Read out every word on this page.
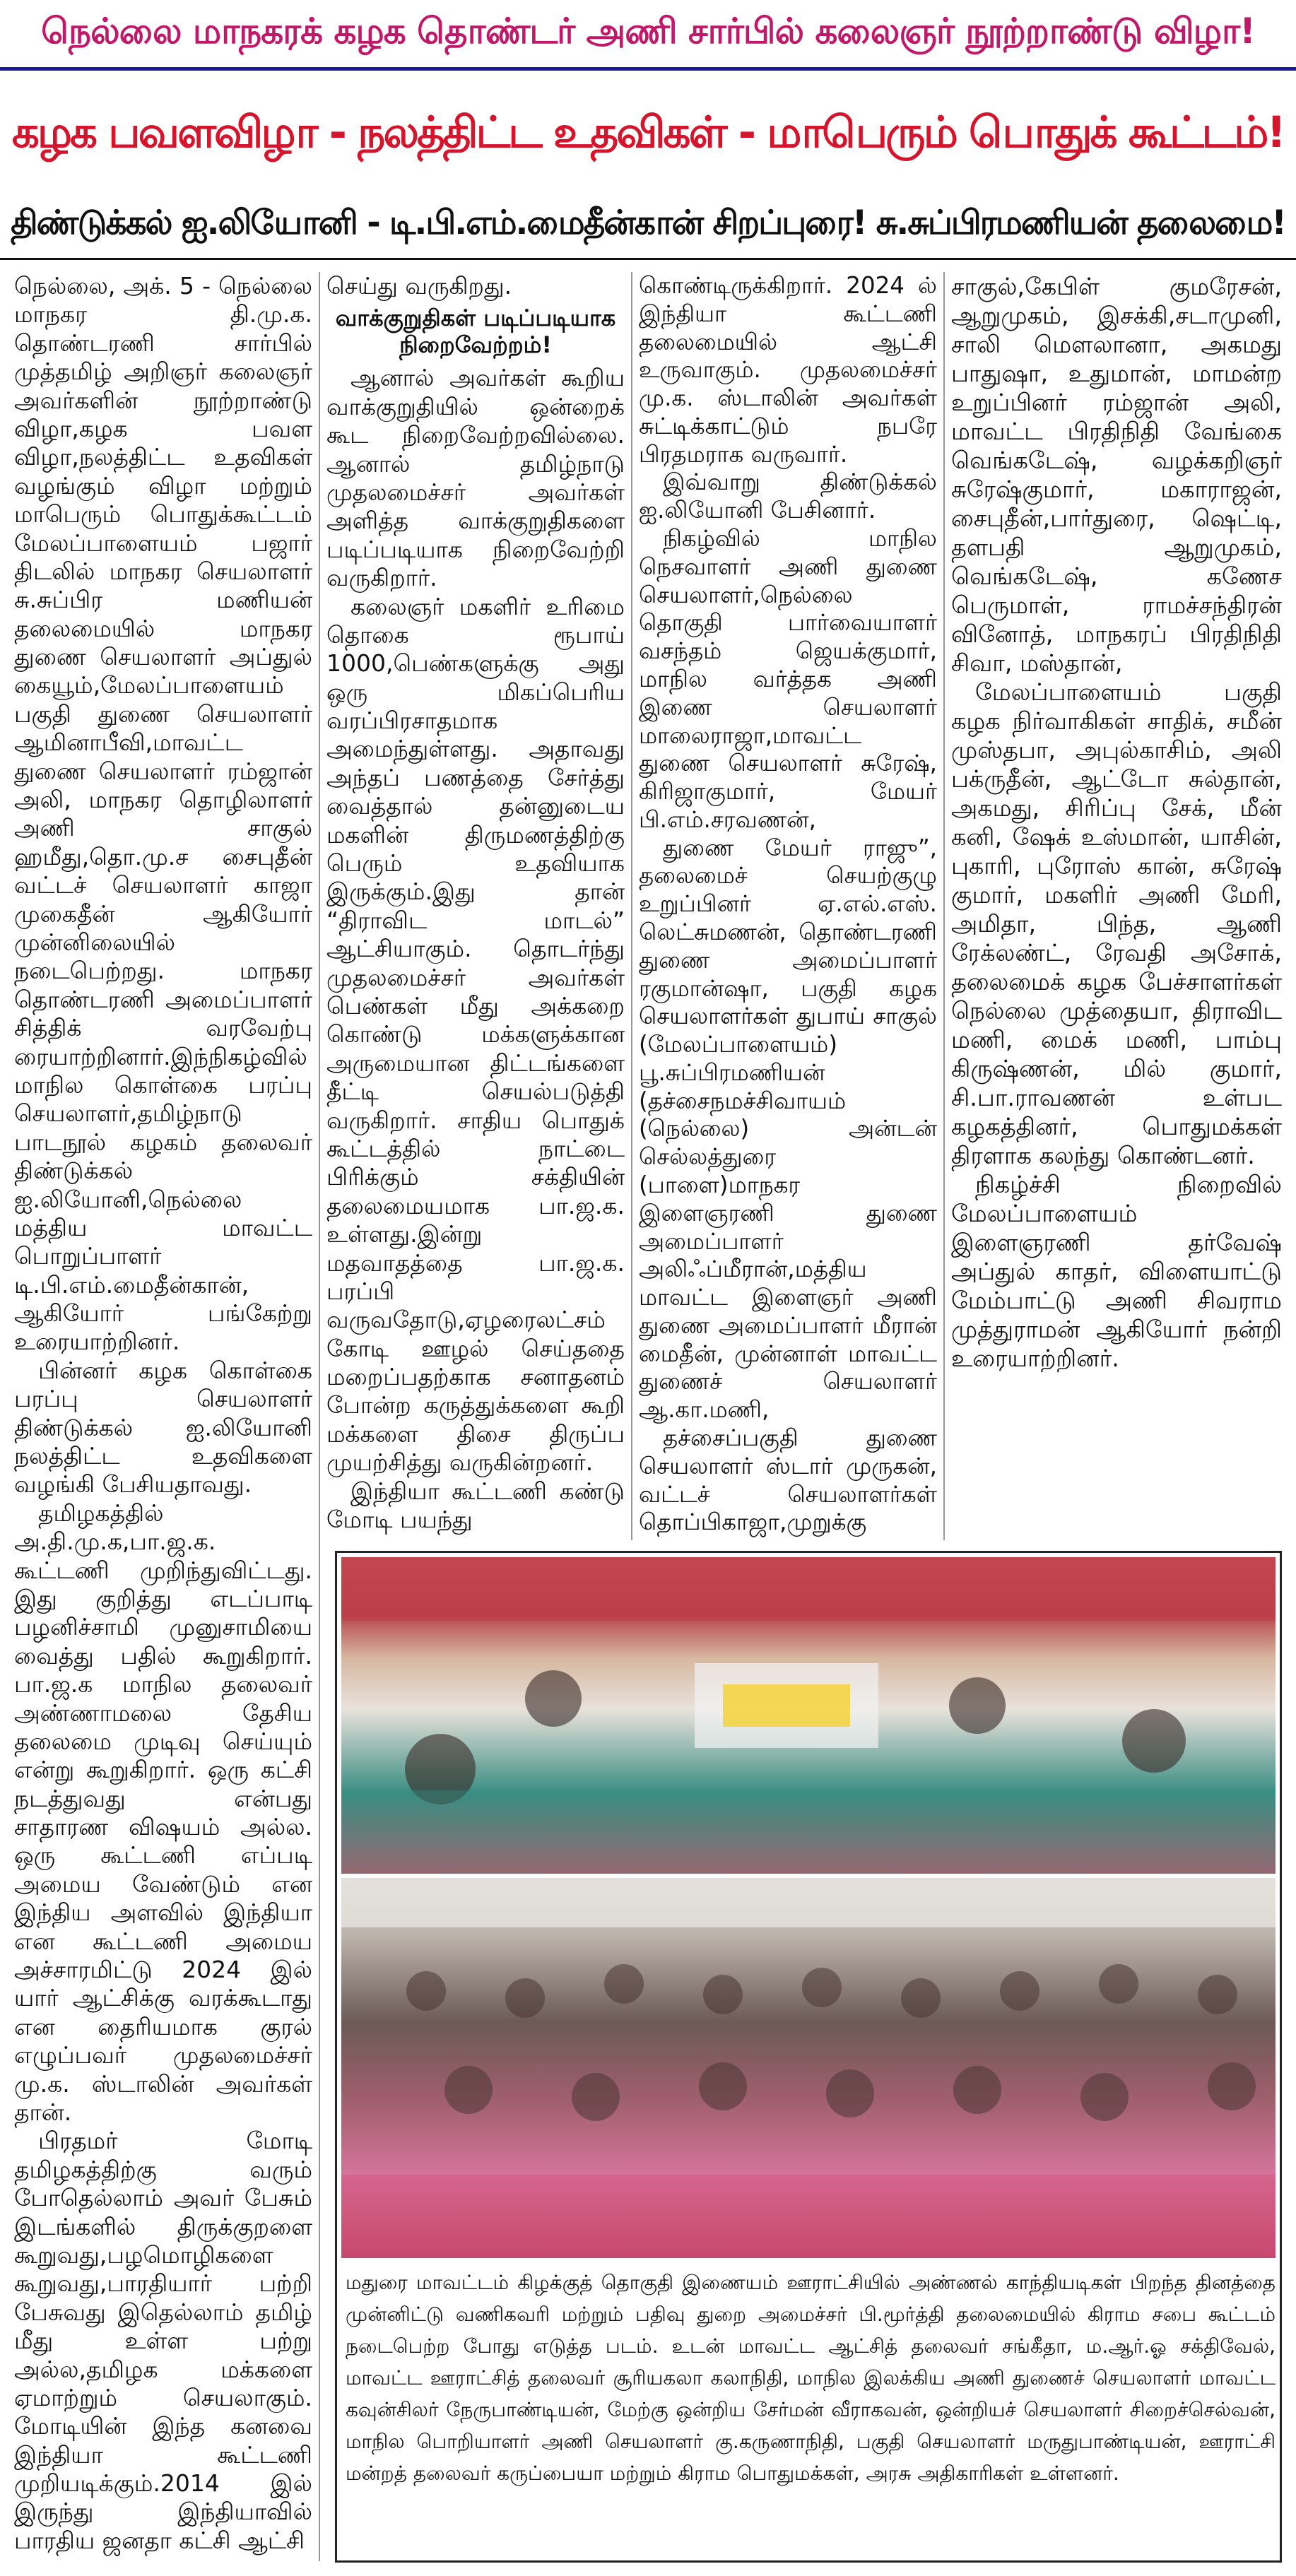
நெல்லை மாநகரக் கழக தொண்டர் அணி சார்பில் கலைஞர் நூற்றாண்டு விழா!
கழக பவளவிழா - நலத்திட்ட உதவிகள் - மாபெரும் பொதுக் கூட்டம்!
திண்டுக்கல் ஐ.லியோனி - டி.பி.எம்.மைதீன்கான் சிறப்புரை! சு.சுப்பிரமணியன் தலைமை!

நெல்லை, அக். 5 - நெல்லை மாநகர தி.மு.க. தொண்டரணி சார்பில் முத்தமிழ் அறிஞர் கலைஞர் அவர்களின் நூற்றாண்டு விழா,கழக பவள விழா,நலத்திட்ட உதவிகள் வழங்கும் விழா மற்றும் மாபெரும் பொதுக்கூட்டம் மேலப்பாளையம் பஜார் திடலில் மாநகர செயலாளர் சு.சுப்பிர மணியன் தலைமையில் மாநகர துணை செயலாளர் அப்துல் கையூம்,மேலப்பாளையம் பகுதி துணை செயலாளர் ஆமினாபீவி,மாவட்ட துணை செயலாளர் ரம்ஜான் அலி, மாநகர தொழிலாளர் அணி சாகுல் ஹமீது,தொ.மு.ச சைபுதீன் வட்டச் செயலாளர் காஜா முகைதீன் ஆகியோர் முன்னிலையில் நடைபெற்றது. மாநகர தொண்டரணி அமைப்பாளர் சித்திக் வரவேற்பு ரையாற்றினார்.இந்நிகழ்வில் மாநில கொள்கை பரப்பு செயலாளர்,தமிழ்நாடு பாடநூல் கழகம் தலைவர் திண்டுக்கல் ஐ.லியோனி,நெல்லை மத்திய மாவட்ட பொறுப்பாளர் டி.பி.எம்.மைதீன்கான், ஆகியோர் பங்கேற்று உரையாற்றினர்.

பின்னர் கழக கொள்கை பரப்பு செயலாளர் திண்டுக்கல் ஐ.லியோனி நலத்திட்ட உதவிகளை வழங்கி பேசியதாவது.

தமிழகத்தில் அ.தி.மு.க,பா.ஜ.க. கூட்டணி முறிந்துவிட்டது. இது குறித்து எடப்பாடி பழனிச்சாமி முனுசாமியை வைத்து பதில் கூறுகிறார். பா.ஜ.க மாநில தலைவர் அண்ணாமலை தேசிய தலைமை முடிவு செய்யும் என்று கூறுகிறார். ஒரு கட்சி நடத்துவது என்பது சாதாரண விஷயம் அல்ல. ஒரு கூட்டணி எப்படி அமைய வேண்டும் என இந்திய அளவில் இந்தியா என கூட்டணி அமைய அச்சாரமிட்டு 2024 இல் யார் ஆட்சிக்கு வரக்கூடாது என தைரியமாக குரல் எழுப்பவர் முதலமைச்சர் மு.க. ஸ்டாலின் அவர்கள் தான்.

பிரதமர் மோடி தமிழகத்திற்கு வரும் போதெல்லாம் அவர் பேசும் இடங்களில் திருக்குறளை கூறுவது,பழமொழிகளை கூறுவது,பாரதியார் பற்றி பேசுவது இதெல்லாம் தமிழ் மீது உள்ள பற்று அல்ல,தமிழக மக்களை ஏமாற்றும் செயலாகும். மோடியின் இந்த கனவை இந்தியா கூட்டணி முறியடிக்கும்.2014 இல் இருந்து இந்தியாவில் பாரதிய ஜனதா கட்சி ஆட்சி

செய்து வருகிறது.

வாக்குறுதிகள் படிப்படியாக நிறைவேற்றம்!

ஆனால் அவர்கள் கூறிய வாக்குறுதியில் ஒன்றைக் கூட நிறைவேற்றவில்லை. ஆனால் தமிழ்நாடு முதலமைச்சர் அவர்கள் அளித்த வாக்குறுதிகளை படிப்படியாக நிறைவேற்றி வருகிறார்.

கலைஞர் மகளிர் உரிமை தொகை ரூபாய் 1000,பெண்களுக்கு அது ஒரு மிகப்பெரிய வரப்பிரசாதமாக அமைந்துள்ளது. அதாவது அந்தப் பணத்தை சேர்த்து வைத்தால் தன்னுடைய மகளின் திருமணத்திற்கு பெரும் உதவியாக இருக்கும்.இது தான் “திராவிட மாடல்” ஆட்சியாகும். தொடர்ந்து முதலமைச்சர் அவர்கள் பெண்கள் மீது அக்கறை கொண்டு மக்களுக்கான அருமையான திட்டங்களை தீட்டி செயல்படுத்தி வருகிறார். சாதிய பொதுக் கூட்டத்தில் நாட்டை பிரிக்கும் சக்தியின் தலைமையமாக பா.ஜ.க. உள்ளது.இன்று மதவாதத்தை பா.ஜ.க. பரப்பி வருவதோடு,ஏழரைலட்சம் கோடி ஊழல் செய்ததை மறைப்பதற்காக சனாதனம் போன்ற கருத்துக்களை கூறி மக்களை திசை திருப்ப முயற்சித்து வருகின்றனர்.

இந்தியா கூட்டணி கண்டு மோடி பயந்து

கொண்டிருக்கிறார். 2024 ல் இந்தியா கூட்டணி தலைமையில் ஆட்சி உருவாகும். முதலமைச்சர் மு.க. ஸ்டாலின் அவர்கள் சுட்டிக்காட்டும் நபரே பிரதமராக வருவார்.

இவ்வாறு திண்டுக்கல் ஐ.லியோனி பேசினார்.

நிகழ்வில் மாநில நெசவாளர் அணி துணை செயலாளர்,நெல்லை தொகுதி பார்வையாளர் வசந்தம் ஜெயக்குமார், மாநில வர்த்தக அணி இணை செயலாளர் மாலைராஜா,மாவட்ட துணை செயலாளர் சுரேஷ், கிரிஜாகுமார், மேயர் பி.எம்.சரவணன்,

துணை மேயர் ராஜு”, தலைமைச் செயற்குழு உறுப்பினர் ஏ.எல்.எஸ். லெட்சுமணன், தொண்டரணி துணை அமைப்பாளர் ரகுமான்ஷா, பகுதி கழக செயலாளர்கள் துபாய் சாகுல் (மேலப்பாளையம்) பூ.சுப்பிரமணியன் (தச்சைநமச்சிவாயம் (நெல்லை) அன்டன் செல்லத்துரை (பாளை)மாநகர இளைஞரணி துணை அமைப்பாளர் அலிஃப்மீரான்,மத்திய மாவட்ட இளைஞர் அணி துணை அமைப்பாளர் மீரான் மைதீன், முன்னாள் மாவட்ட துணைச் செயலாளர் ஆ.கா.மணி,

தச்சைப்பகுதி துணை செயலாளர் ஸ்டார் முருகன், வட்டச் செயலாளர்கள் தொப்பிகாஜா,முறுக்கு

சாகுல்,கேபிள் குமரேசன், ஆறுமுகம், இசக்கி,சடாமுனி, சாலி மௌலானா, அகமது பாதுஷா, உதுமான், மாமன்ற உறுப்பினர் ரம்ஜான் அலி, மாவட்ட பிரதிநிதி வேங்கை வெங்கடேஷ், வழக்கறிஞர் சுரேஷ்குமார், மகாராஜன், சைபுதீன்,பார்துரை, ஷெட்டி, தளபதி ஆறுமுகம், வெங்கடேஷ், கணேச பெருமாள், ராமச்சந்திரன் வினோத், மாநகரப் பிரதிநிதி சிவா, மஸ்தான்,

மேலப்பாளையம் பகுதி கழக நிர்வாகிகள் சாதிக், சமீன் முஸ்தபா, அபுல்காசிம், அலி பக்ருதீன், ஆட்டோ சுல்தான், அகமது, சிரிப்பு சேக், மீன் கனி, ஷேக் உஸ்மான், யாசின், புகாரி, புரோஸ் கான், சுரேஷ் குமார், மகளிர் அணி மேரி, அமிதா, பிந்த, ஆணி ரேக்லண்ட், ரேவதி அசோக், தலைமைக் கழக பேச்சாளர்கள் நெல்லை முத்தையா, திராவிட மணி, மைக் மணி, பாம்பு கிருஷ்ணன், மில் குமார், சி.பா.ராவணன் உள்பட கழகத்தினர், பொதுமக்கள் திரளாக கலந்து கொண்டனர்.

நிகழ்ச்சி நிறைவில் மேலப்பாளையம் இளைஞரணி தர்வேஷ் அப்துல் காதர், விளையாட்டு மேம்பாட்டு அணி சிவராம முத்துராமன் ஆகியோர் நன்றி உரையாற்றினர்.

மதுரை மாவட்டம் கிழக்குத் தொகுதி இணையம் ஊராட்சியில் அண்ணல் காந்தியடிகள் பிறந்த தினத்தை முன்னிட்டு வணிகவரி மற்றும் பதிவு துறை அமைச்சர் பி.மூர்த்தி தலைமையில் கிராம சபை கூட்டம் நடைபெற்ற போது எடுத்த படம். உடன் மாவட்ட ஆட்சித் தலைவர் சங்கீதா, ம.ஆர்.ஓ சக்திவேல், மாவட்ட ஊராட்சித் தலைவர் சூரியகலா கலாநிதி, மாநில இலக்கிய அணி துணைச் செயலாளர் மாவட்ட கவுன்சிலர் நேருபாண்டியன், மேற்கு ஒன்றிய சேர்மன் வீராகவன், ஒன்றியச் செயலாளர் சிறைச்செல்வன், மாநில பொறியாளர் அணி செயலாளர் கு.கருணாநிதி, பகுதி செயலாளர் மருதுபாண்டியன், ஊராட்சி மன்றத் தலைவர் கருப்பையா மற்றும் கிராம பொதுமக்கள், அரசு அதிகாரிகள் உள்ளனர்.
